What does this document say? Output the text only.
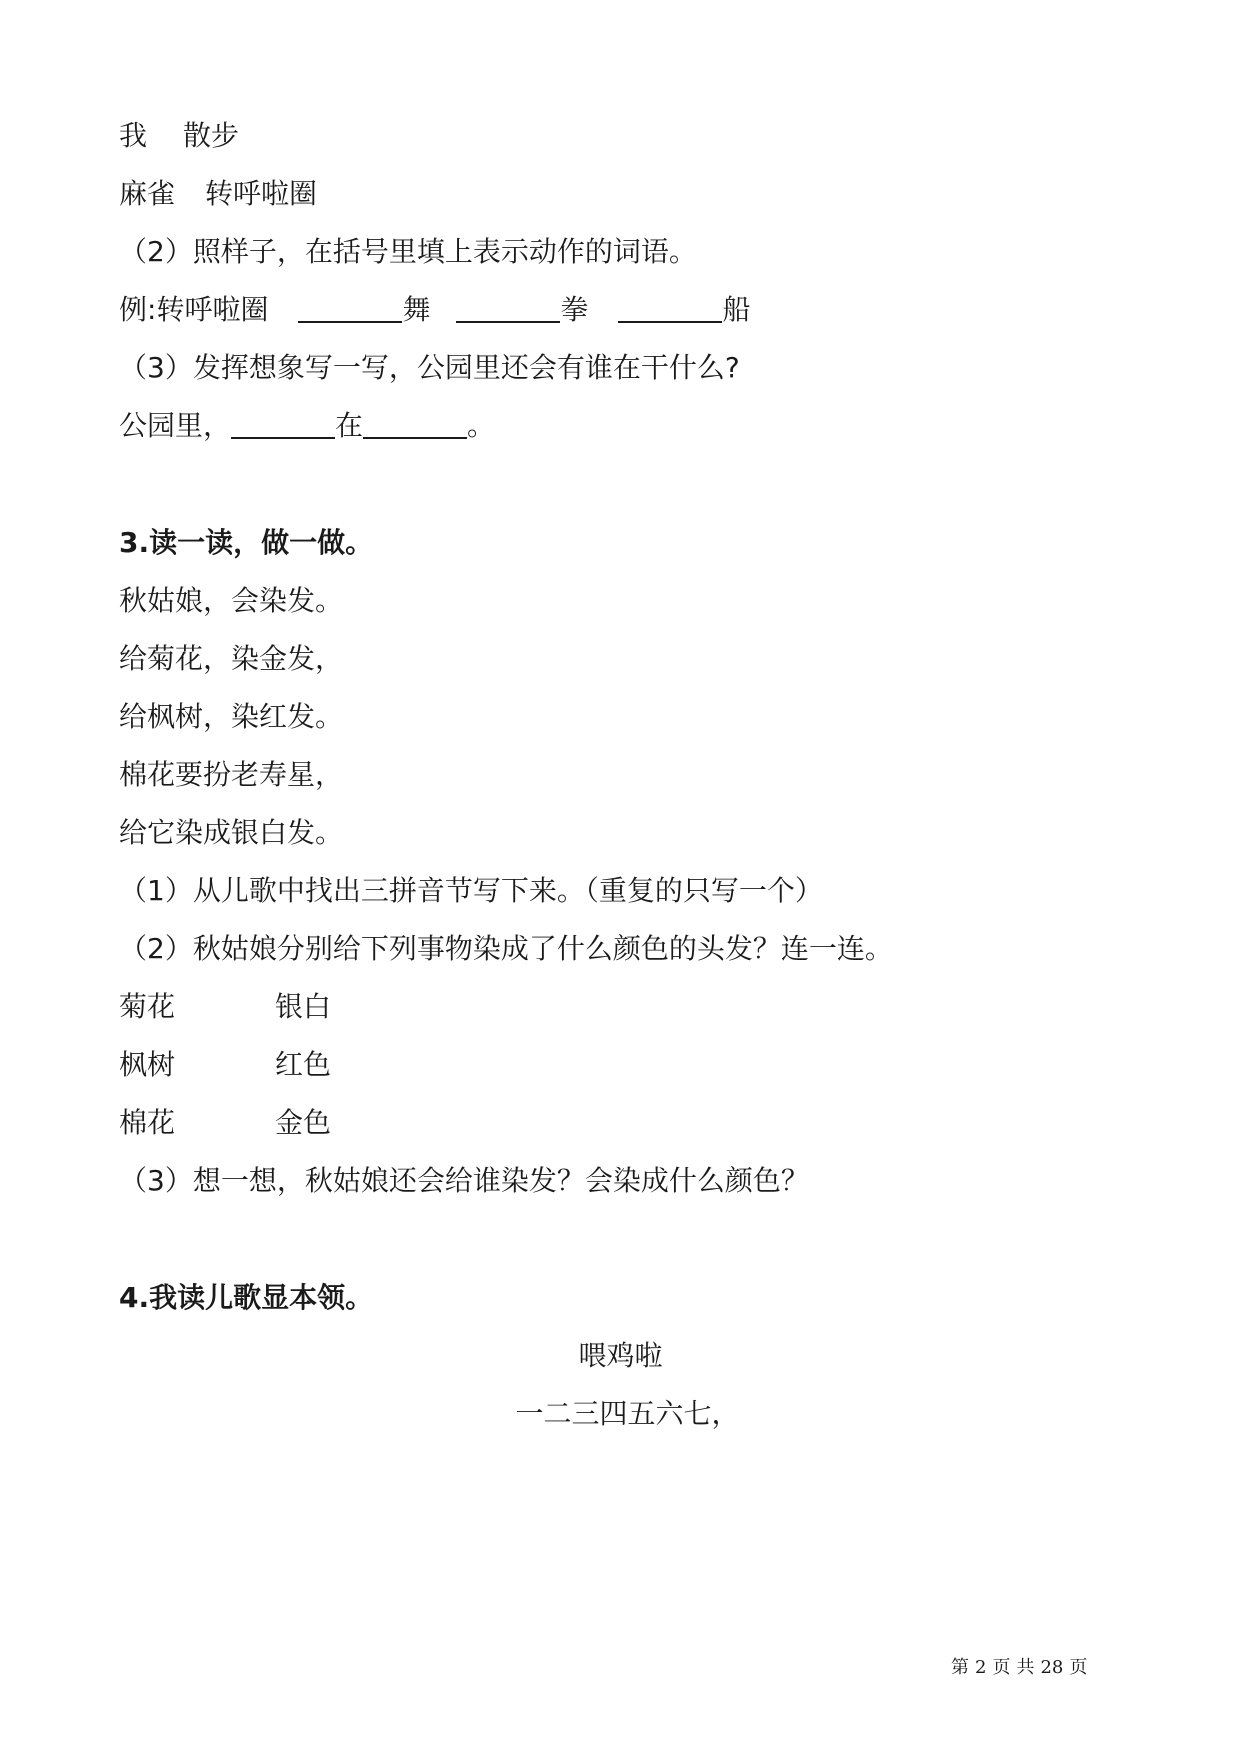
我 散步
麻雀 转呼啦圈
（2）照样子，在括号里填上表示动作的词语。
例:转呼啦圈	舞	拳	船
（3）发挥想象写一写，公园里还会有谁在干什么?
公园里，	在	。
3.读一读，做一做。
秋姑娘，会染发。
给菊花，染金发，
给枫树，染红发。
棉花要扮老寿星，
给它染成银白发。
（1）从儿歌中找出三拼音节写下来。（重复的只写一个）
（2）秋姑娘分别给下列事物染成了什么颜色的头发？连一连。
菊花	银白
枫树	红色
棉花	金色
（3）想一想，秋姑娘还会给谁染发？会染成什么颜色？
4.我读儿歌显本领。
喂鸡啦
一二三四五六七，
第 2 页 共 28 页
